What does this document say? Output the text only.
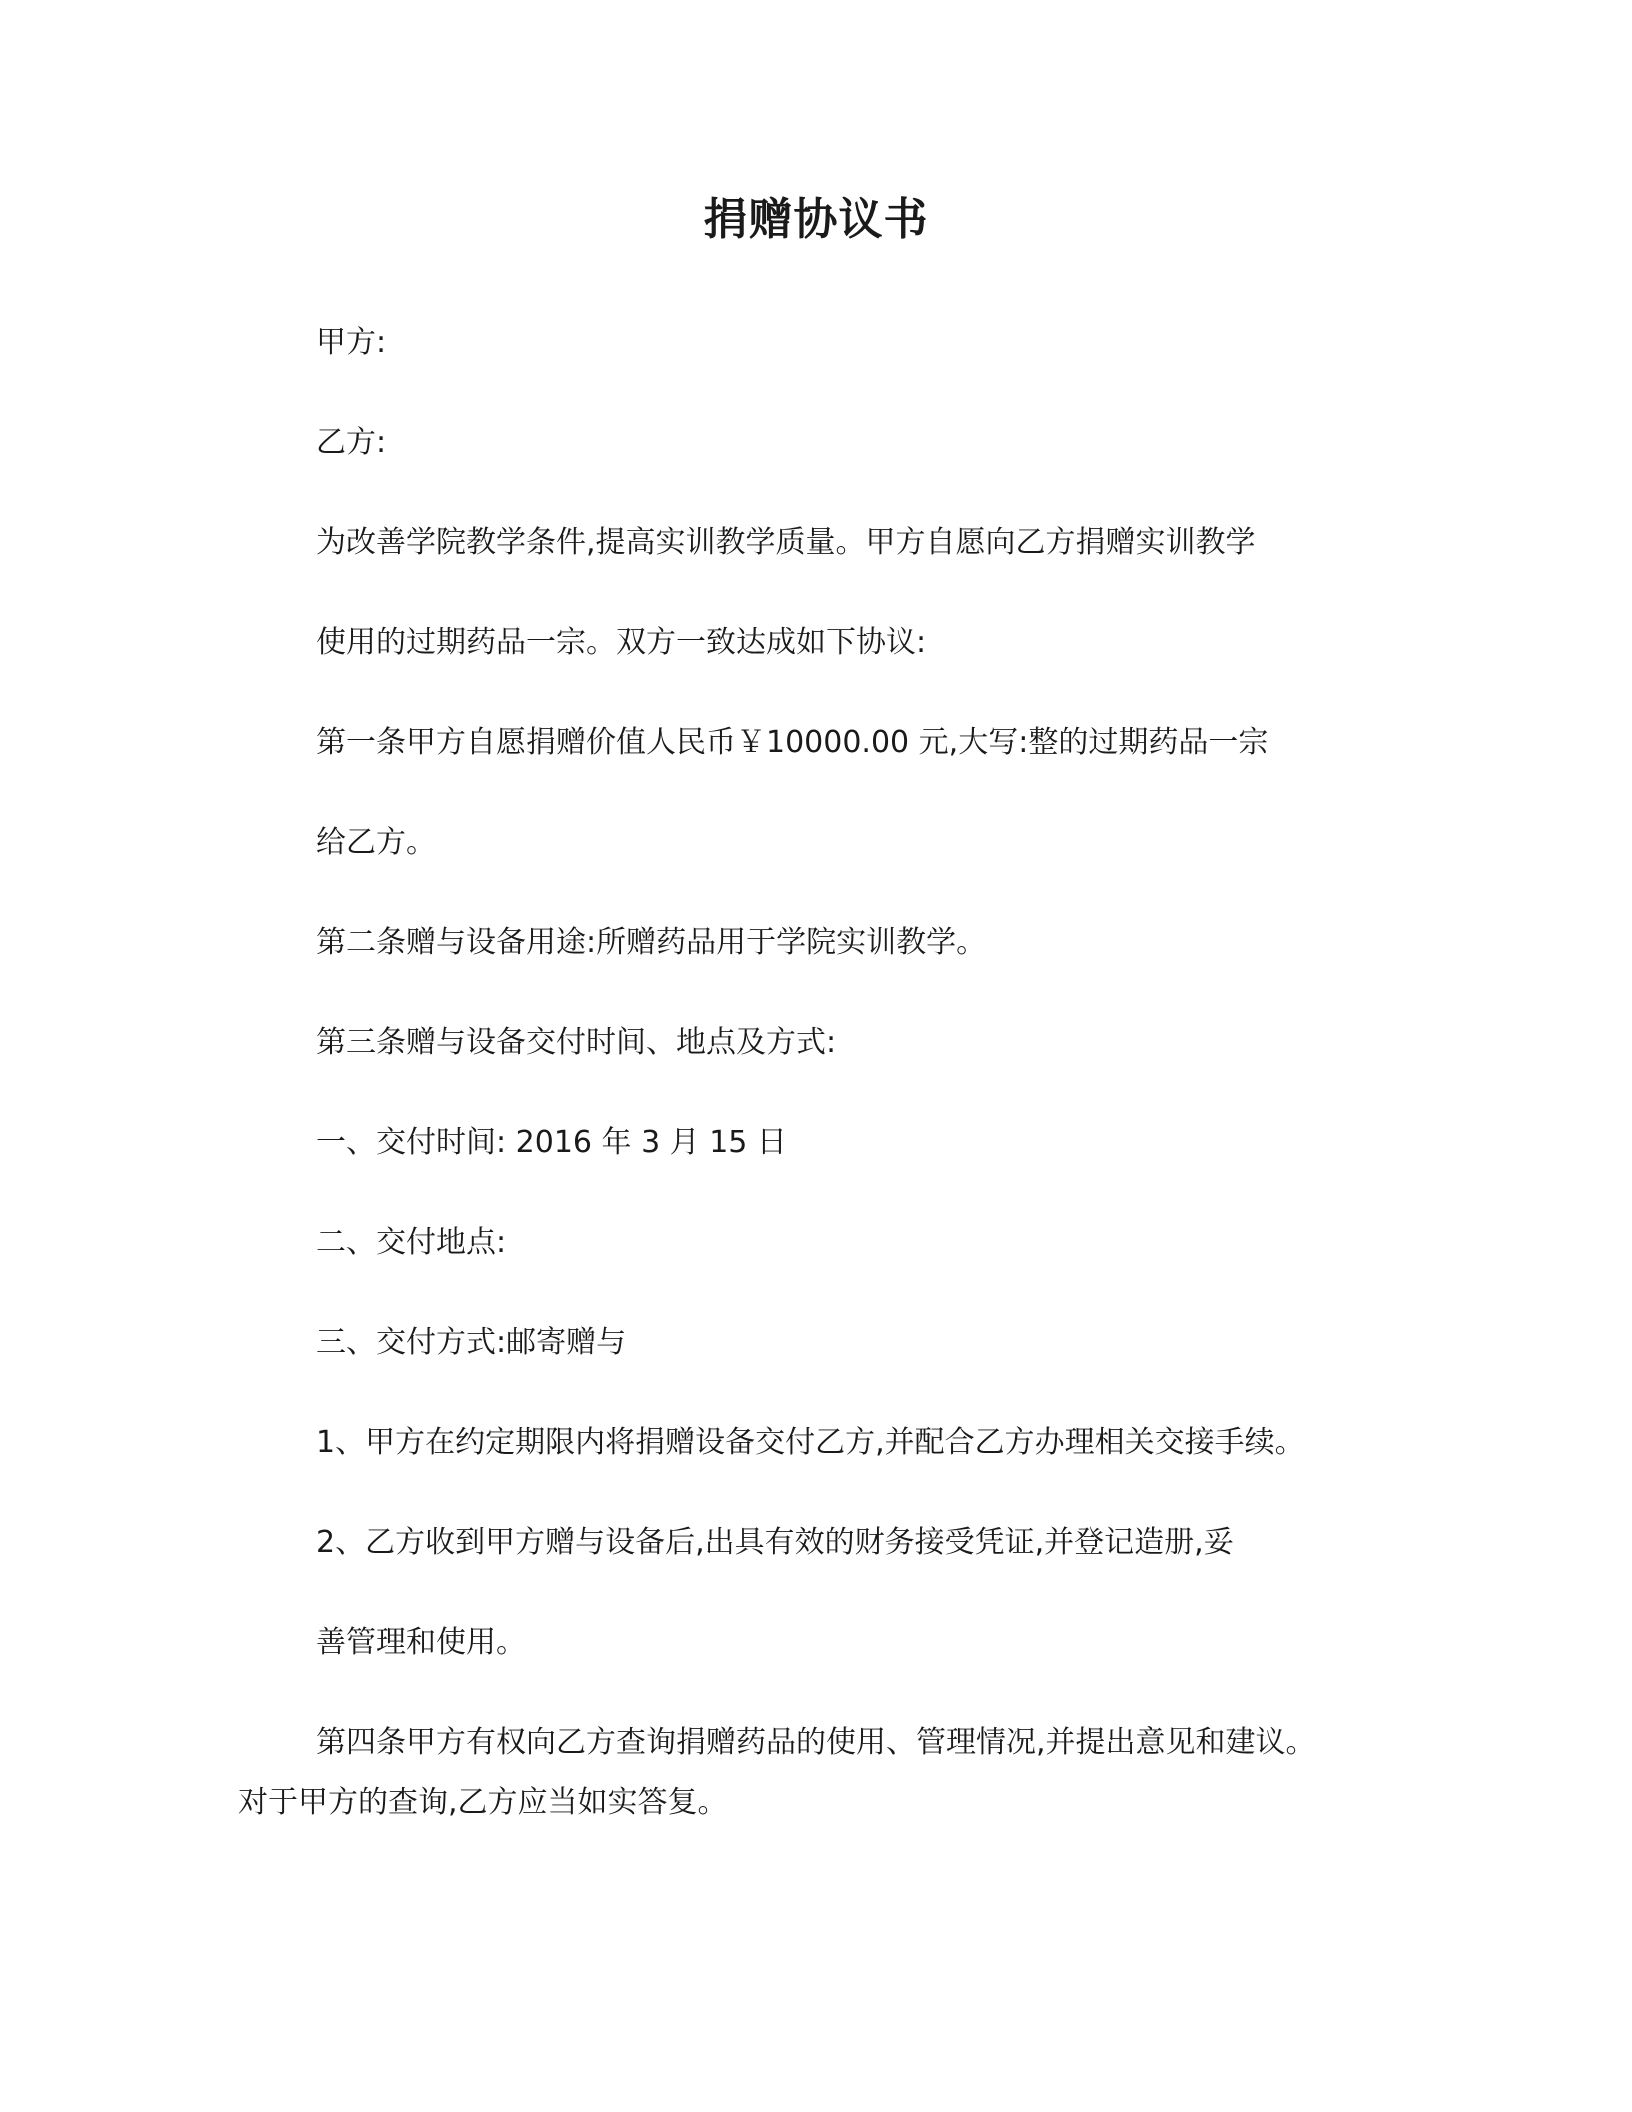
捐赠协议书
甲方:
乙方:
为改善学院教学条件,提高实训教学质量。甲方自愿向乙方捐赠实训教学
使用的过期药品一宗。双方一致达成如下协议:
第一条甲方自愿捐赠价值人民币￥10000.00 元,大写:整的过期药品一宗
给乙方。
第二条赠与设备用途:所赠药品用于学院实训教学。
第三条赠与设备交付时间、地点及方式:
一、交付时间: 2016 年 3 月 15 日
二、交付地点:
三、交付方式:邮寄赠与
1、甲方在约定期限内将捐赠设备交付乙方,并配合乙方办理相关交接手续。
2、乙方收到甲方赠与设备后,出具有效的财务接受凭证,并登记造册,妥
善管理和使用。
第四条甲方有权向乙方查询捐赠药品的使用、管理情况,并提出意见和建议。
对于甲方的查询,乙方应当如实答复。
